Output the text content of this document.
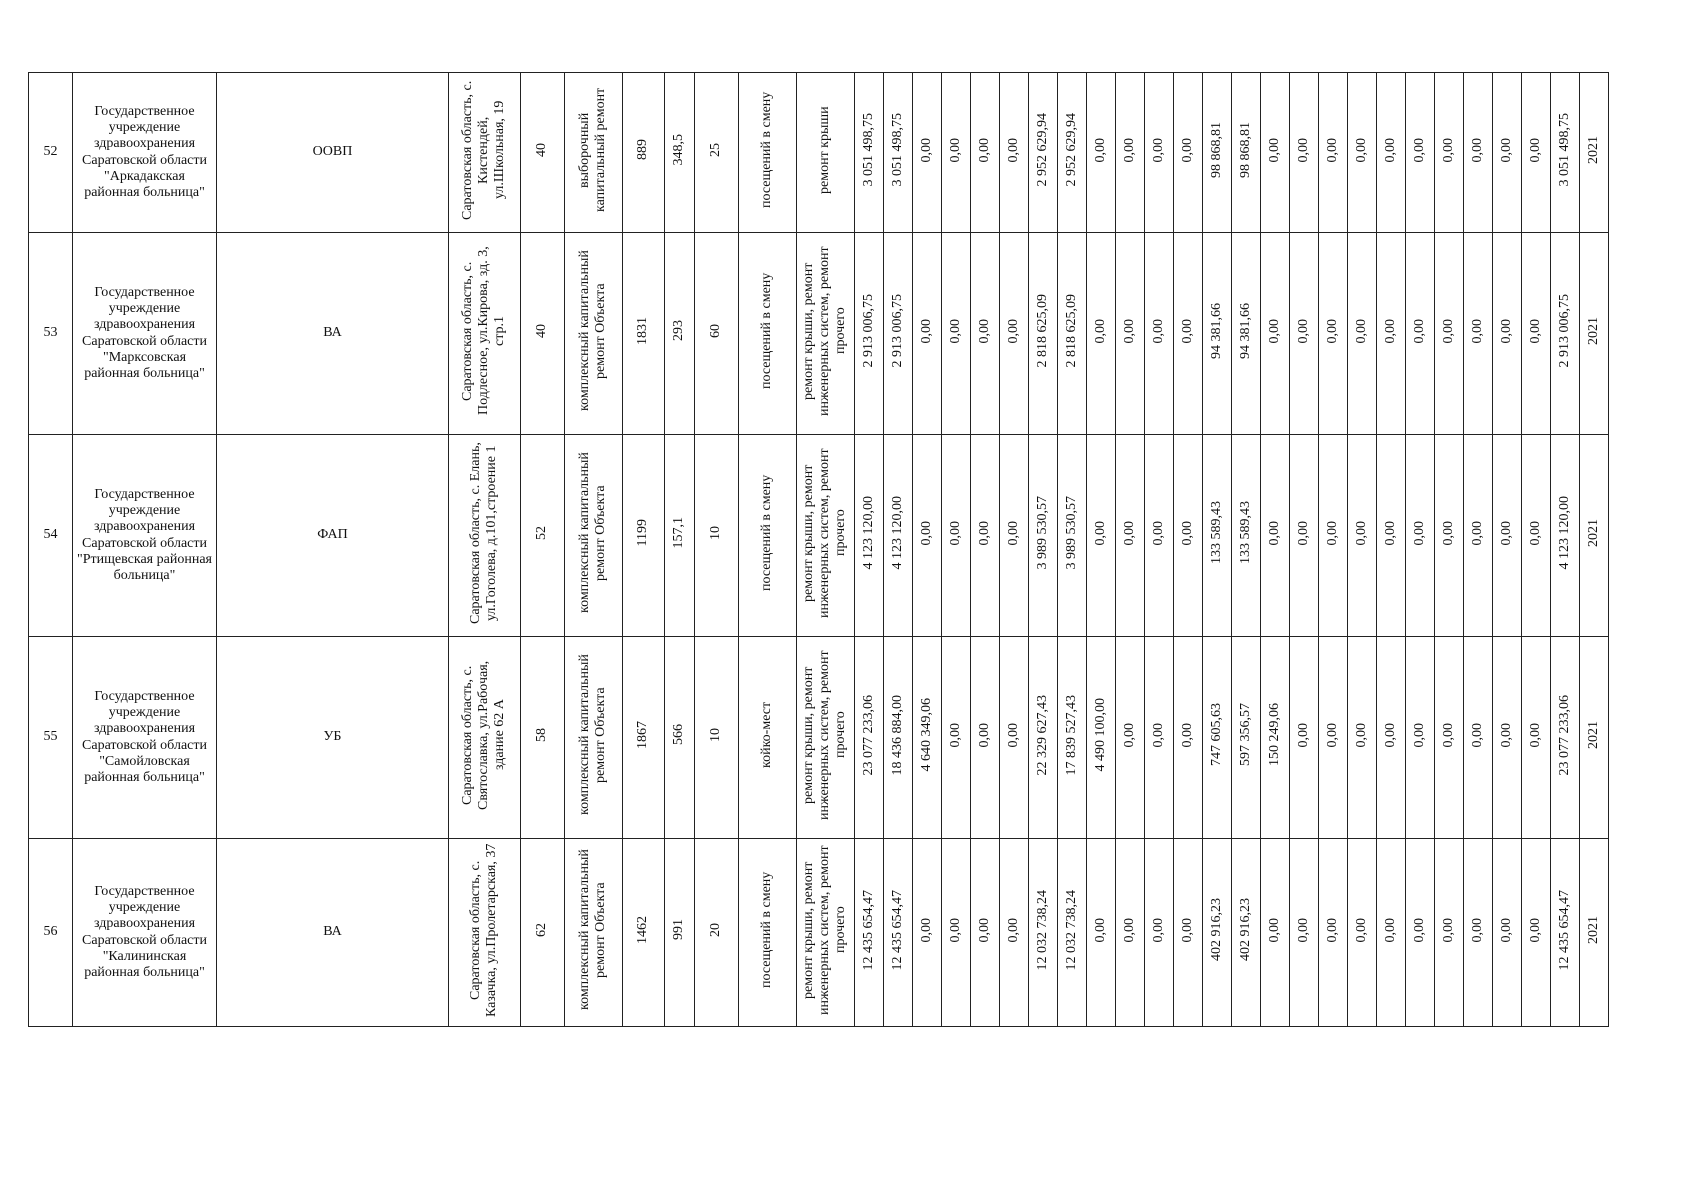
52	Государственное учреждение здравоохранения Саратовской области "Аркадакская районная больница"	ООВП	Саратовская область, с. Кистендей, ул.Школьная, 19	40	выборочный капитальный ремонт	889	348,5	25	посещений в смену	ремонт крыши	3 051 498,75	3 051 498,75	0,00	0,00	0,00	0,00	2 952 629,94	2 952 629,94	0,00	0,00	0,00	0,00	98 868,81	98 868,81	0,00	0,00	0,00	0,00	0,00	0,00	0,00	0,00	0,00	0,00	3 051 498,75	2021

53	Государственное учреждение здравоохранения Саратовской области "Марксовская районная больница"	ВА	Саратовская область, с. Подлесное, ул.Кирова, зд. 3, стр.1	40	комплексный капитальный ремонт Объекта	1831	293	60	посещений в смену	ремонт крыши, ремонт инженерных систем, ремонт прочего	2 913 006,75	2 913 006,75	0,00	0,00	0,00	0,00	2 818 625,09	2 818 625,09	0,00	0,00	0,00	0,00	94 381,66	94 381,66	0,00	0,00	0,00	0,00	0,00	0,00	0,00	0,00	0,00	0,00	2 913 006,75	2021

54	Государственное учреждение здравоохранения Саратовской области "Ртищевская районная больница"	ФАП	Саратовская область, с. Елань, ул.Гоголева, д.101,строение 1	52	комплексный капитальный ремонт Объекта	1199	157,1	10	посещений в смену	ремонт крыши, ремонт инженерных систем, ремонт прочего	4 123 120,00	4 123 120,00	0,00	0,00	0,00	0,00	3 989 530,57	3 989 530,57	0,00	0,00	0,00	0,00	133 589,43	133 589,43	0,00	0,00	0,00	0,00	0,00	0,00	0,00	0,00	0,00	0,00	4 123 120,00	2021

55	Государственное учреждение здравоохранения Саратовской области "Самойловская районная больница"	УБ	Саратовская область, с. Святославка, ул.Рабочая, здание 62 А	58	комплексный капитальный ремонт Объекта	1867	566	10	койко-мест	ремонт крыши, ремонт инженерных систем, ремонт прочего	23 077 233,06	18 436 884,00	4 640 349,06	0,00	0,00	0,00	22 329 627,43	17 839 527,43	4 490 100,00	0,00	0,00	0,00	747 605,63	597 356,57	150 249,06	0,00	0,00	0,00	0,00	0,00	0,00	0,00	0,00	0,00	23 077 233,06	2021

56	Государственное учреждение здравоохранения Саратовской области "Калининская районная больница"	ВА	Саратовская область, с. Казачка, ул.Пролетарская, 37	62	комплексный капитальный ремонт Объекта	1462	991	20	посещений в смену	ремонт крыши, ремонт инженерных систем, ремонт прочего	12 435 654,47	12 435 654,47	0,00	0,00	0,00	0,00	12 032 738,24	12 032 738,24	0,00	0,00	0,00	0,00	402 916,23	402 916,23	0,00	0,00	0,00	0,00	0,00	0,00	0,00	0,00	0,00	0,00	12 435 654,47	2021
